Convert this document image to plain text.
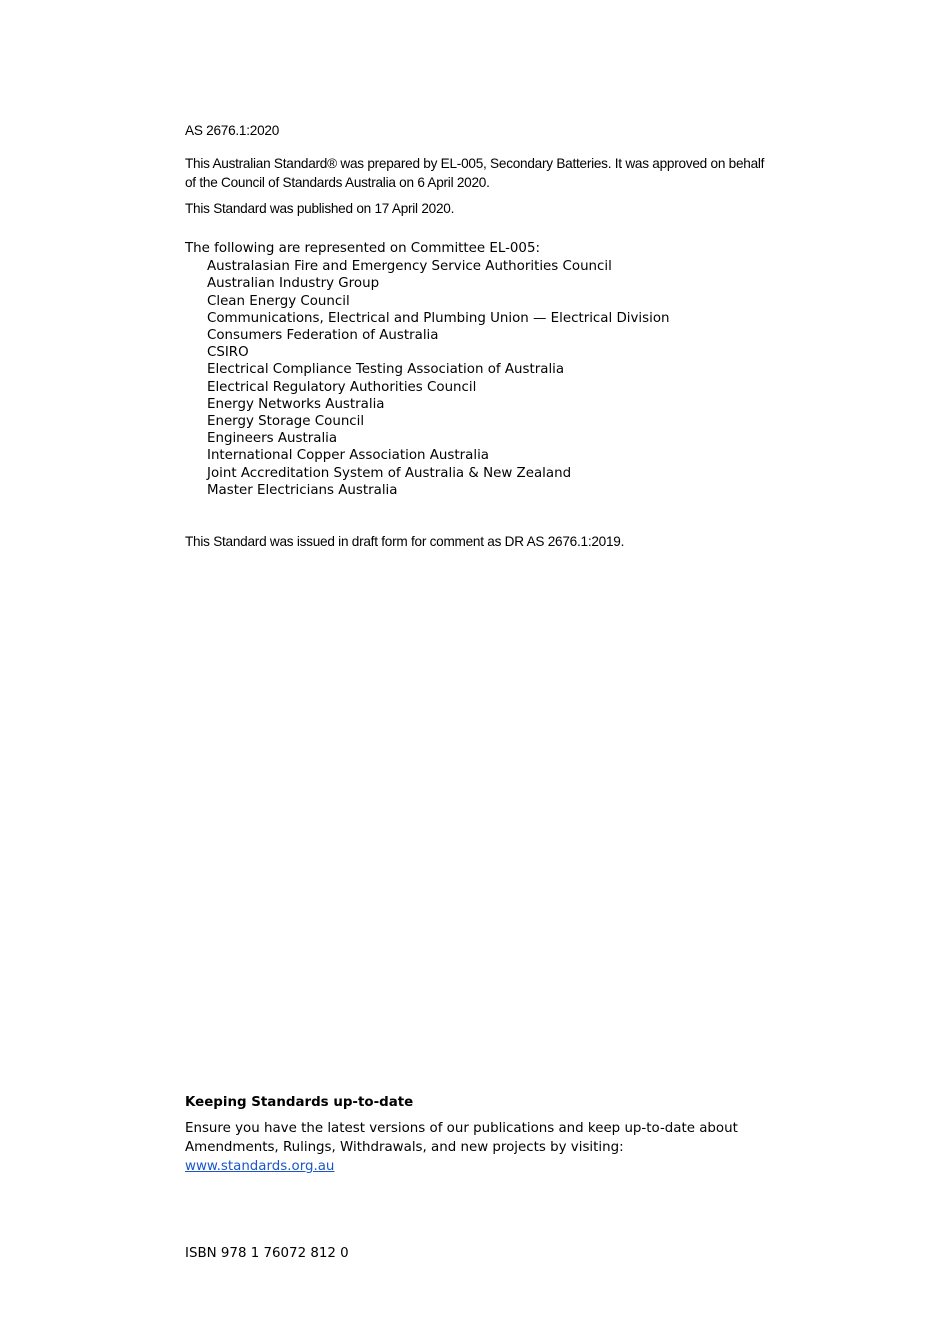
AS 2676.1:2020

This Australian Standard® was prepared by EL-005, Secondary Batteries. It was approved on behalf of the Council of Standards Australia on 6 April 2020.

This Standard was published on 17 April 2020.

The following are represented on Committee EL-005:

Australasian Fire and Emergency Service Authorities Council
Australian Industry Group
Clean Energy Council
Communications, Electrical and Plumbing Union — Electrical Division
Consumers Federation of Australia
CSIRO
Electrical Compliance Testing Association of Australia
Electrical Regulatory Authorities Council
Energy Networks Australia
Energy Storage Council
Engineers Australia
International Copper Association Australia
Joint Accreditation System of Australia & New Zealand
Master Electricians Australia

This Standard was issued in draft form for comment as DR AS 2676.1:2019.

Keeping Standards up-to-date

Ensure you have the latest versions of our publications and keep up-to-date about Amendments, Rulings, Withdrawals, and new projects by visiting:
www.standards.org.au

ISBN 978 1 76072 812 0
